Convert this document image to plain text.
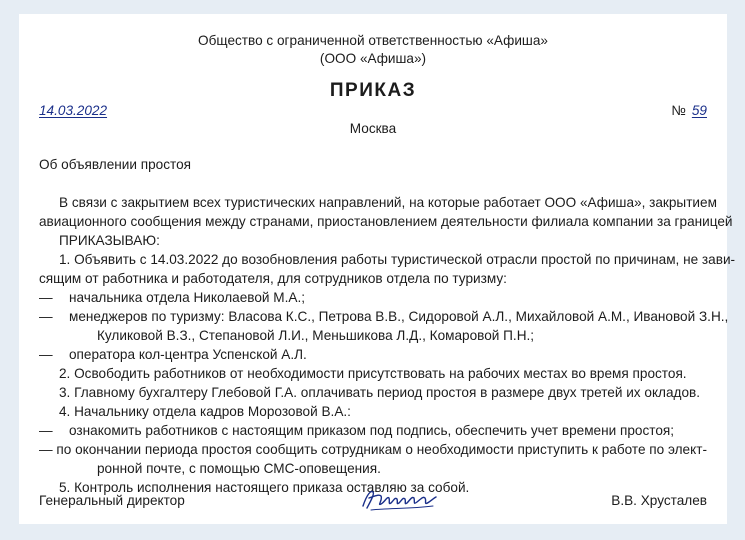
Общество с ограниченной ответственностью «Афиша»
(ООО «Афиша»)
ПРИКАЗ
14.03.2022	№ 59
Москва
Об объявлении простоя

В связи с закрытием всех туристических направлений, на которые работает ООО «Афиша», закрытием

авиационного сообщения между странами, приостановлением деятельности филиала компании за границей

ПРИКАЗЫВАЮ:

1. Объявить с 14.03.2022 до возобновления работы туристической отрасли простой по причинам, не зави-

сящим от работника и работодателя, для сотрудников отдела по туризму:

— начальника отдела Николаевой М.А.;

— менеджеров по туризму: Власова К.С., Петрова В.В., Сидоровой А.Л., Михайловой А.М., Ивановой З.Н.,

Куликовой В.З., Степановой Л.И., Меньшикова Л.Д., Комаровой П.Н.;

— оператора кол-центра Успенской А.Л.

2. Освободить работников от необходимости присутствовать на рабочих местах во время простоя.

3. Главному бухгалтеру Глебовой Г.А. оплачивать период простоя в размере двух третей их окладов.

4. Начальнику отдела кадров Морозовой В.А.:

— ознакомить работников с настоящим приказом под подпись, обеспечить учет времени простоя;

— по окончании периода простоя сообщить сотрудникам о необходимости приступить к работе по элект-

ронной почте, с помощью СМС-оповещения.

5. Контроль исполнения настоящего приказа оставляю за собой.

Генеральный директор	В.В. Хрусталев
